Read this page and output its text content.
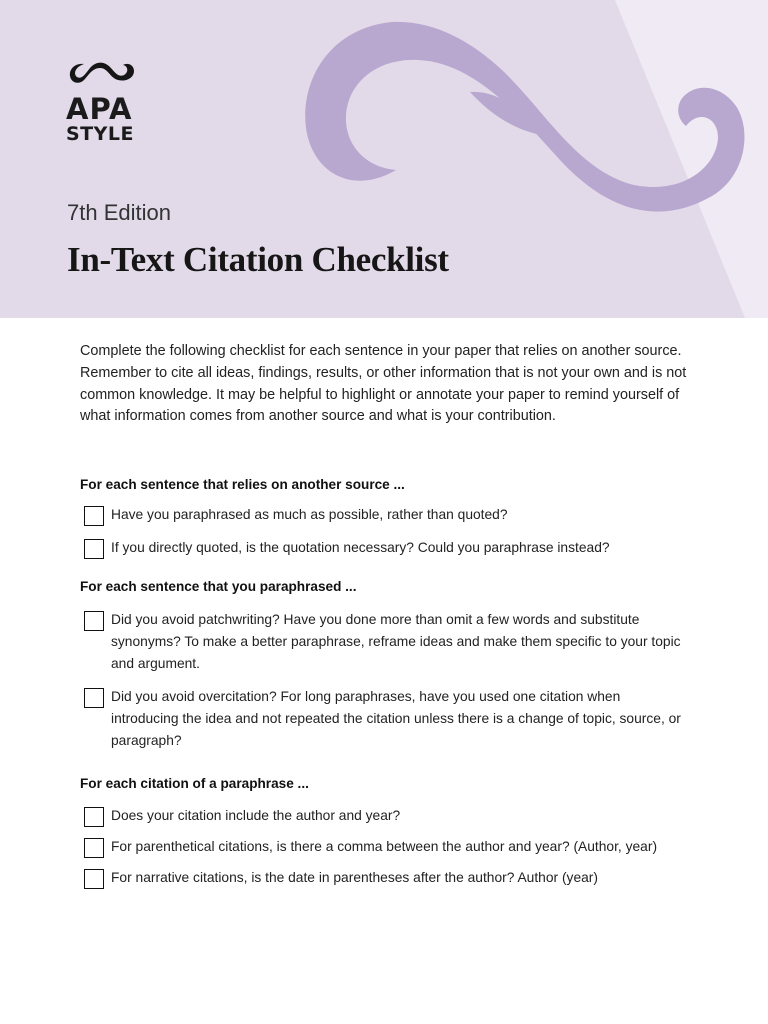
APA
STYLE
7th Edition
In-Text Citation Checklist
Complete the following checklist for each sentence in your paper that relies on another source. Remember to cite all ideas, findings, results, or other information that is not your own and is not common knowledge. It may be helpful to highlight or annotate your paper to remind yourself of what information comes from another source and what is your contribution.
For each sentence that relies on another source ...
Have you paraphrased as much as possible, rather than quoted?
If you directly quoted, is the quotation necessary? Could you paraphrase instead?
For each sentence that you paraphrased ...
Did you avoid patchwriting? Have you done more than omit a few words and substitute synonyms? To make a better paraphrase, reframe ideas and make them specific to your topic and argument.
Did you avoid overcitation? For long paraphrases, have you used one citation when introducing the idea and not repeated the citation unless there is a change of topic, source, or paragraph?
For each citation of a paraphrase ...
Does your citation include the author and year?
For parenthetical citations, is there a comma between the author and year? (Author, year)
For narrative citations, is the date in parentheses after the author? Author (year)
